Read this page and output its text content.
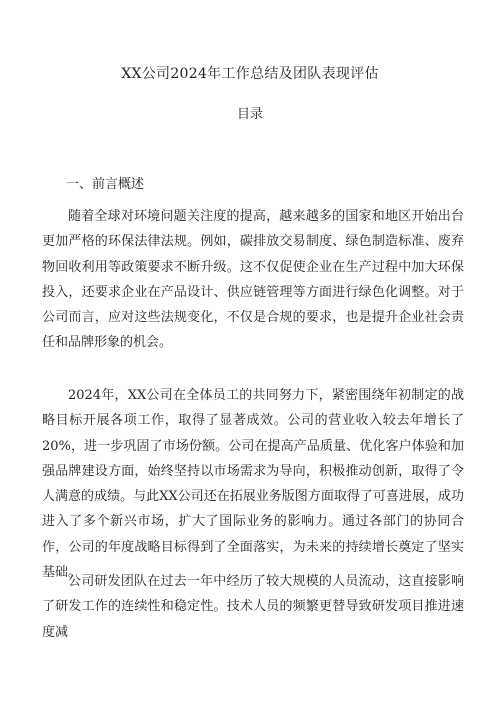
XX公司2024年工作总结及团队表现评估
目录
一、前言概述

随着全球对环境问题关注度的提高，越来越多的国家和地区开始出台更加严格的环保法律法规。例如，碳排放交易制度、绿色制造标准、废弃物回收利用等政策要求不断升级。这不仅促使企业在生产过程中加大环保投入，还要求企业在产品设计、供应链管理等方面进行绿色化调整。对于公司而言，应对这些法规变化，不仅是合规的要求，也是提升企业社会责任和品牌形象的机会。

2024年，XX公司在全体员工的共同努力下，紧密围绕年初制定的战略目标开展各项工作，取得了显著成效。公司的营业收入较去年增长了20%，进一步巩固了市场份额。公司在提高产品质量、优化客户体验和加强品牌建设方面，始终坚持以市场需求为导向，积极推动创新，取得了令人满意的成绩。与此XX公司还在拓展业务版图方面取得了可喜进展，成功进入了多个新兴市场，扩大了国际业务的影响力。通过各部门的协同合作，公司的年度战略目标得到了全面落实，为未来的持续增长奠定了坚实基础。

公司研发团队在过去一年中经历了较大规模的人员流动，这直接影响了研发工作的连续性和稳定性。技术人员的频繁更替导致研发项目推进速度减
